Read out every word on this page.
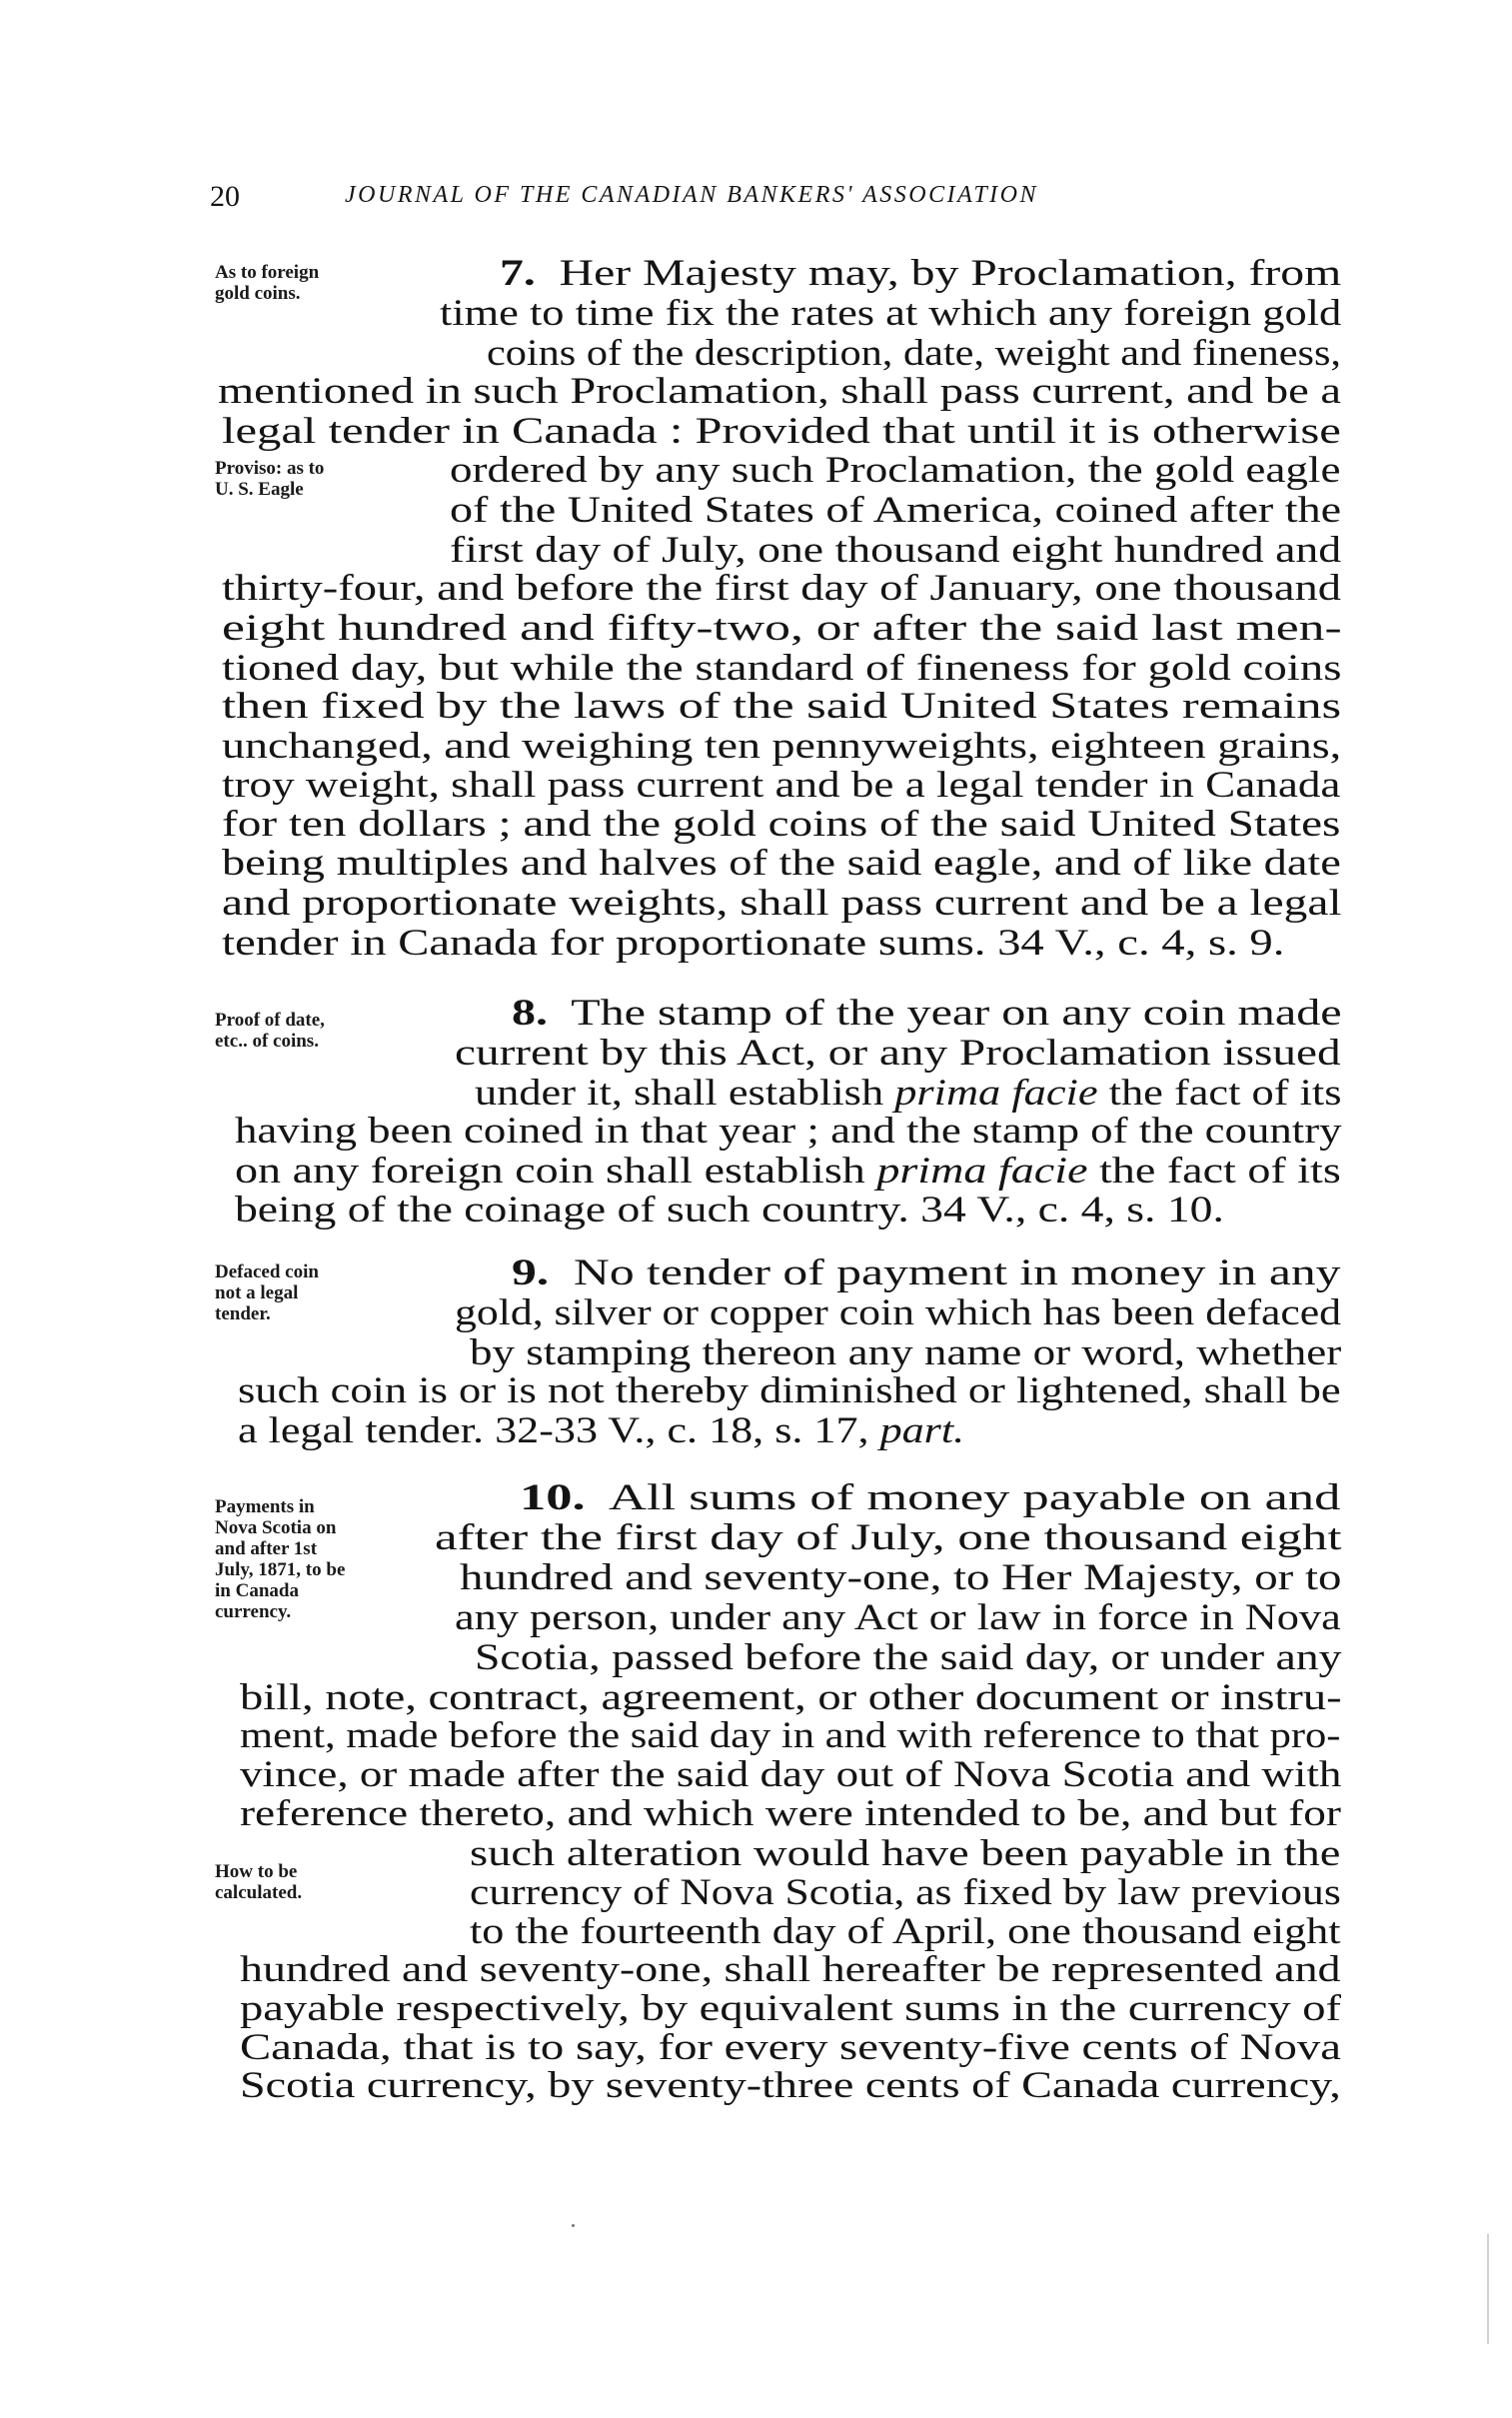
20	JOURNAL OF THE CANADIAN BANKERS' ASSOCIATION
As to foreign
gold coins.
Proviso: as to
U. S. Eagle
Proof of date,
etc.. of coins.
Defaced coin
not a legal
tender.
Payments in
Nova Scotia on
and after 1st
July, 1871, to be
in Canada
currency.
How to be
calculated.
7. Her Majesty may, by Proclamation, from
time to time fix the rates at which any foreign gold
coins of the description, date, weight and fineness,
mentioned in such Proclamation, shall pass current, and be a
legal tender in Canada : Provided that until it is otherwise
ordered by any such Proclamation, the gold eagle
of the United States of America, coined after the
first day of July, one thousand eight hundred and
thirty-four, and before the first day of January, one thousand
eight hundred and fifty-two, or after the said last men-
tioned day, but while the standard of fineness for gold coins
then fixed by the laws of the said United States remains
unchanged, and weighing ten pennyweights, eighteen grains,
troy weight, shall pass current and be a legal tender in Canada
for ten dollars ; and the gold coins of the said United States
being multiples and halves of the said eagle, and of like date
and proportionate weights, shall pass current and be a legal
tender in Canada for proportionate sums. 34 V., c. 4, s. 9.
8. The stamp of the year on any coin made
current by this Act, or any Proclamation issued
under it, shall establish prima facie the fact of its
having been coined in that year ; and the stamp of the country
on any foreign coin shall establish prima facie the fact of its
being of the coinage of such country. 34 V., c. 4, s. 10.
9. No tender of payment in money in any
gold, silver or copper coin which has been defaced
by stamping thereon any name or word, whether
such coin is or is not thereby diminished or lightened, shall be
a legal tender. 32-33 V., c. 18, s. 17, part.
10. All sums of money payable on and
after the first day of July, one thousand eight
hundred and seventy-one, to Her Majesty, or to
any person, under any Act or law in force in Nova
Scotia, passed before the said day, or under any
bill, note, contract, agreement, or other document or instru-
ment, made before the said day in and with reference to that pro-
vince, or made after the said day out of Nova Scotia and with
reference thereto, and which were intended to be, and but for
such alteration would have been payable in the
currency of Nova Scotia, as fixed by law previous
to the fourteenth day of April, one thousand eight
hundred and seventy-one, shall hereafter be represented and
payable respectively, by equivalent sums in the currency of
Canada, that is to say, for every seventy-five cents of Nova
Scotia currency, by seventy-three cents of Canada currency,
